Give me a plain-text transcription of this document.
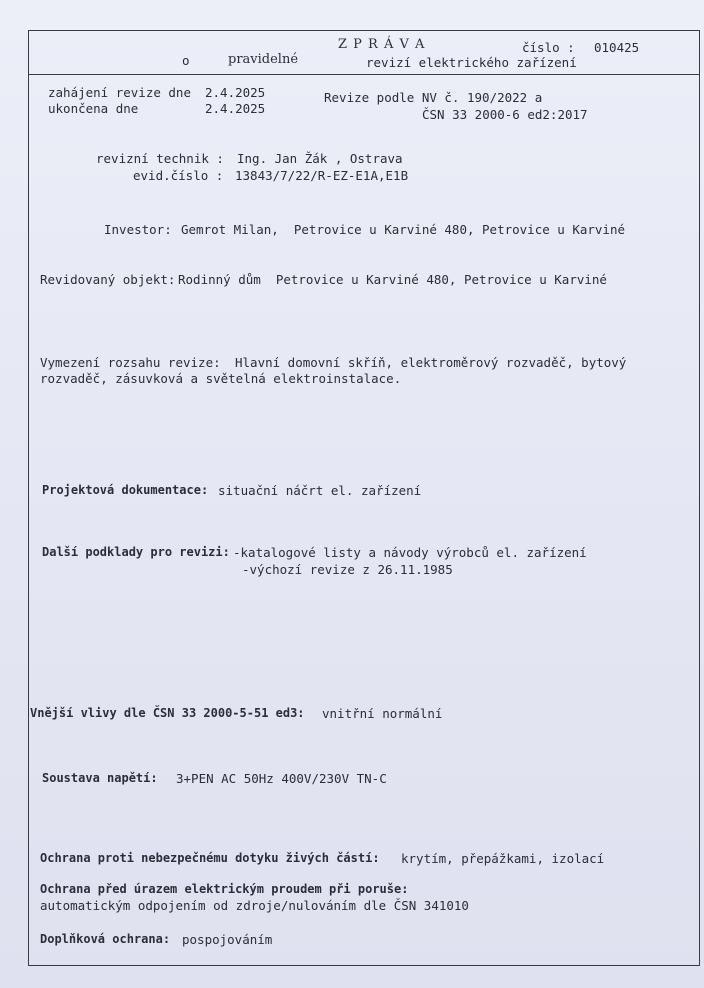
o	pravidelné
Z P R Á V A
revizí elektrického zařízení
číslo : 010425
zahájení revize dne 2.4.2025
ukončena dne	2.4.2025
Revize podle NV č. 190/2022 a
ČSN 33 2000-6 ed2:2017
revizní technik : Ing. Jan Žák , Ostrava
evid.číslo : 13843/7/22/R-EZ-E1A,E1B
Investor: Gemrot Milan,  Petrovice u Karviné 480, Petrovice u Karviné
Revidovaný objekt: Rodinný dům  Petrovice u Karviné 480, Petrovice u Karviné
Vymezení rozsahu revize: Hlavní domovní skříň, elektroměrový rozvaděč, bytový
rozvaděč, zásuvková a světelná elektroinstalace.
Projektová dokumentace: situační náčrt el. zařízení
Další podklady pro revizi: -katalogové listy a návody výrobců el. zařízení
-výchozí revize z 26.11.1985
Vnější vlivy dle ČSN 33 2000-5-51 ed3: vnitřní normální
Soustava napětí: 3+PEN AC 50Hz 400V/230V TN-C
Ochrana proti nebezpečnému dotyku živých částí: krytím, přepážkami, izolací
Ochrana před úrazem elektrickým proudem při poruše:
automatickým odpojením od zdroje/nulováním dle ČSN 341010
Doplňková ochrana: pospojováním
